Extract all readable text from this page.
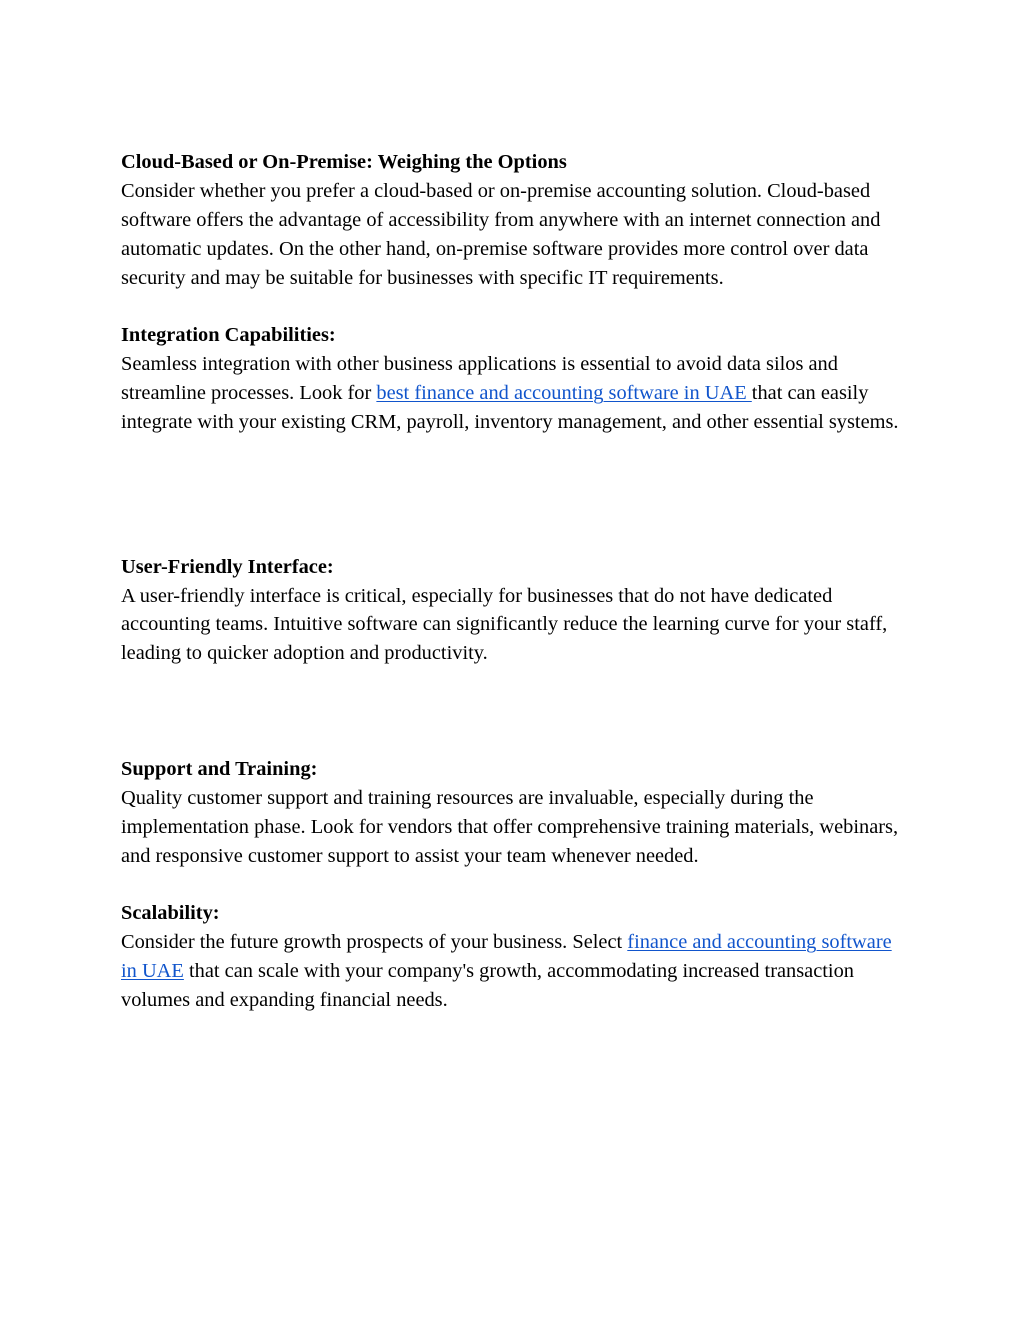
Cloud-Based or On-Premise: Weighing the Options

Consider whether you prefer a cloud-based or on-premise accounting solution. Cloud-based software offers the advantage of accessibility from anywhere with an internet connection and automatic updates. On the other hand, on-premise software provides more control over data security and may be suitable for businesses with specific IT requirements.

Integration Capabilities:

Seamless integration with other business applications is essential to avoid data silos and streamline processes. Look for best finance and accounting software in UAE that can easily integrate with your existing CRM, payroll, inventory management, and other essential systems.

User-Friendly Interface:

A user-friendly interface is critical, especially for businesses that do not have dedicated accounting teams. Intuitive software can significantly reduce the learning curve for your staff, leading to quicker adoption and productivity.

Support and Training:

Quality customer support and training resources are invaluable, especially during the implementation phase. Look for vendors that offer comprehensive training materials, webinars, and responsive customer support to assist your team whenever needed.

Scalability:

Consider the future growth prospects of your business. Select finance and accounting software in UAE that can scale with your company's growth, accommodating increased transaction volumes and expanding financial needs.
